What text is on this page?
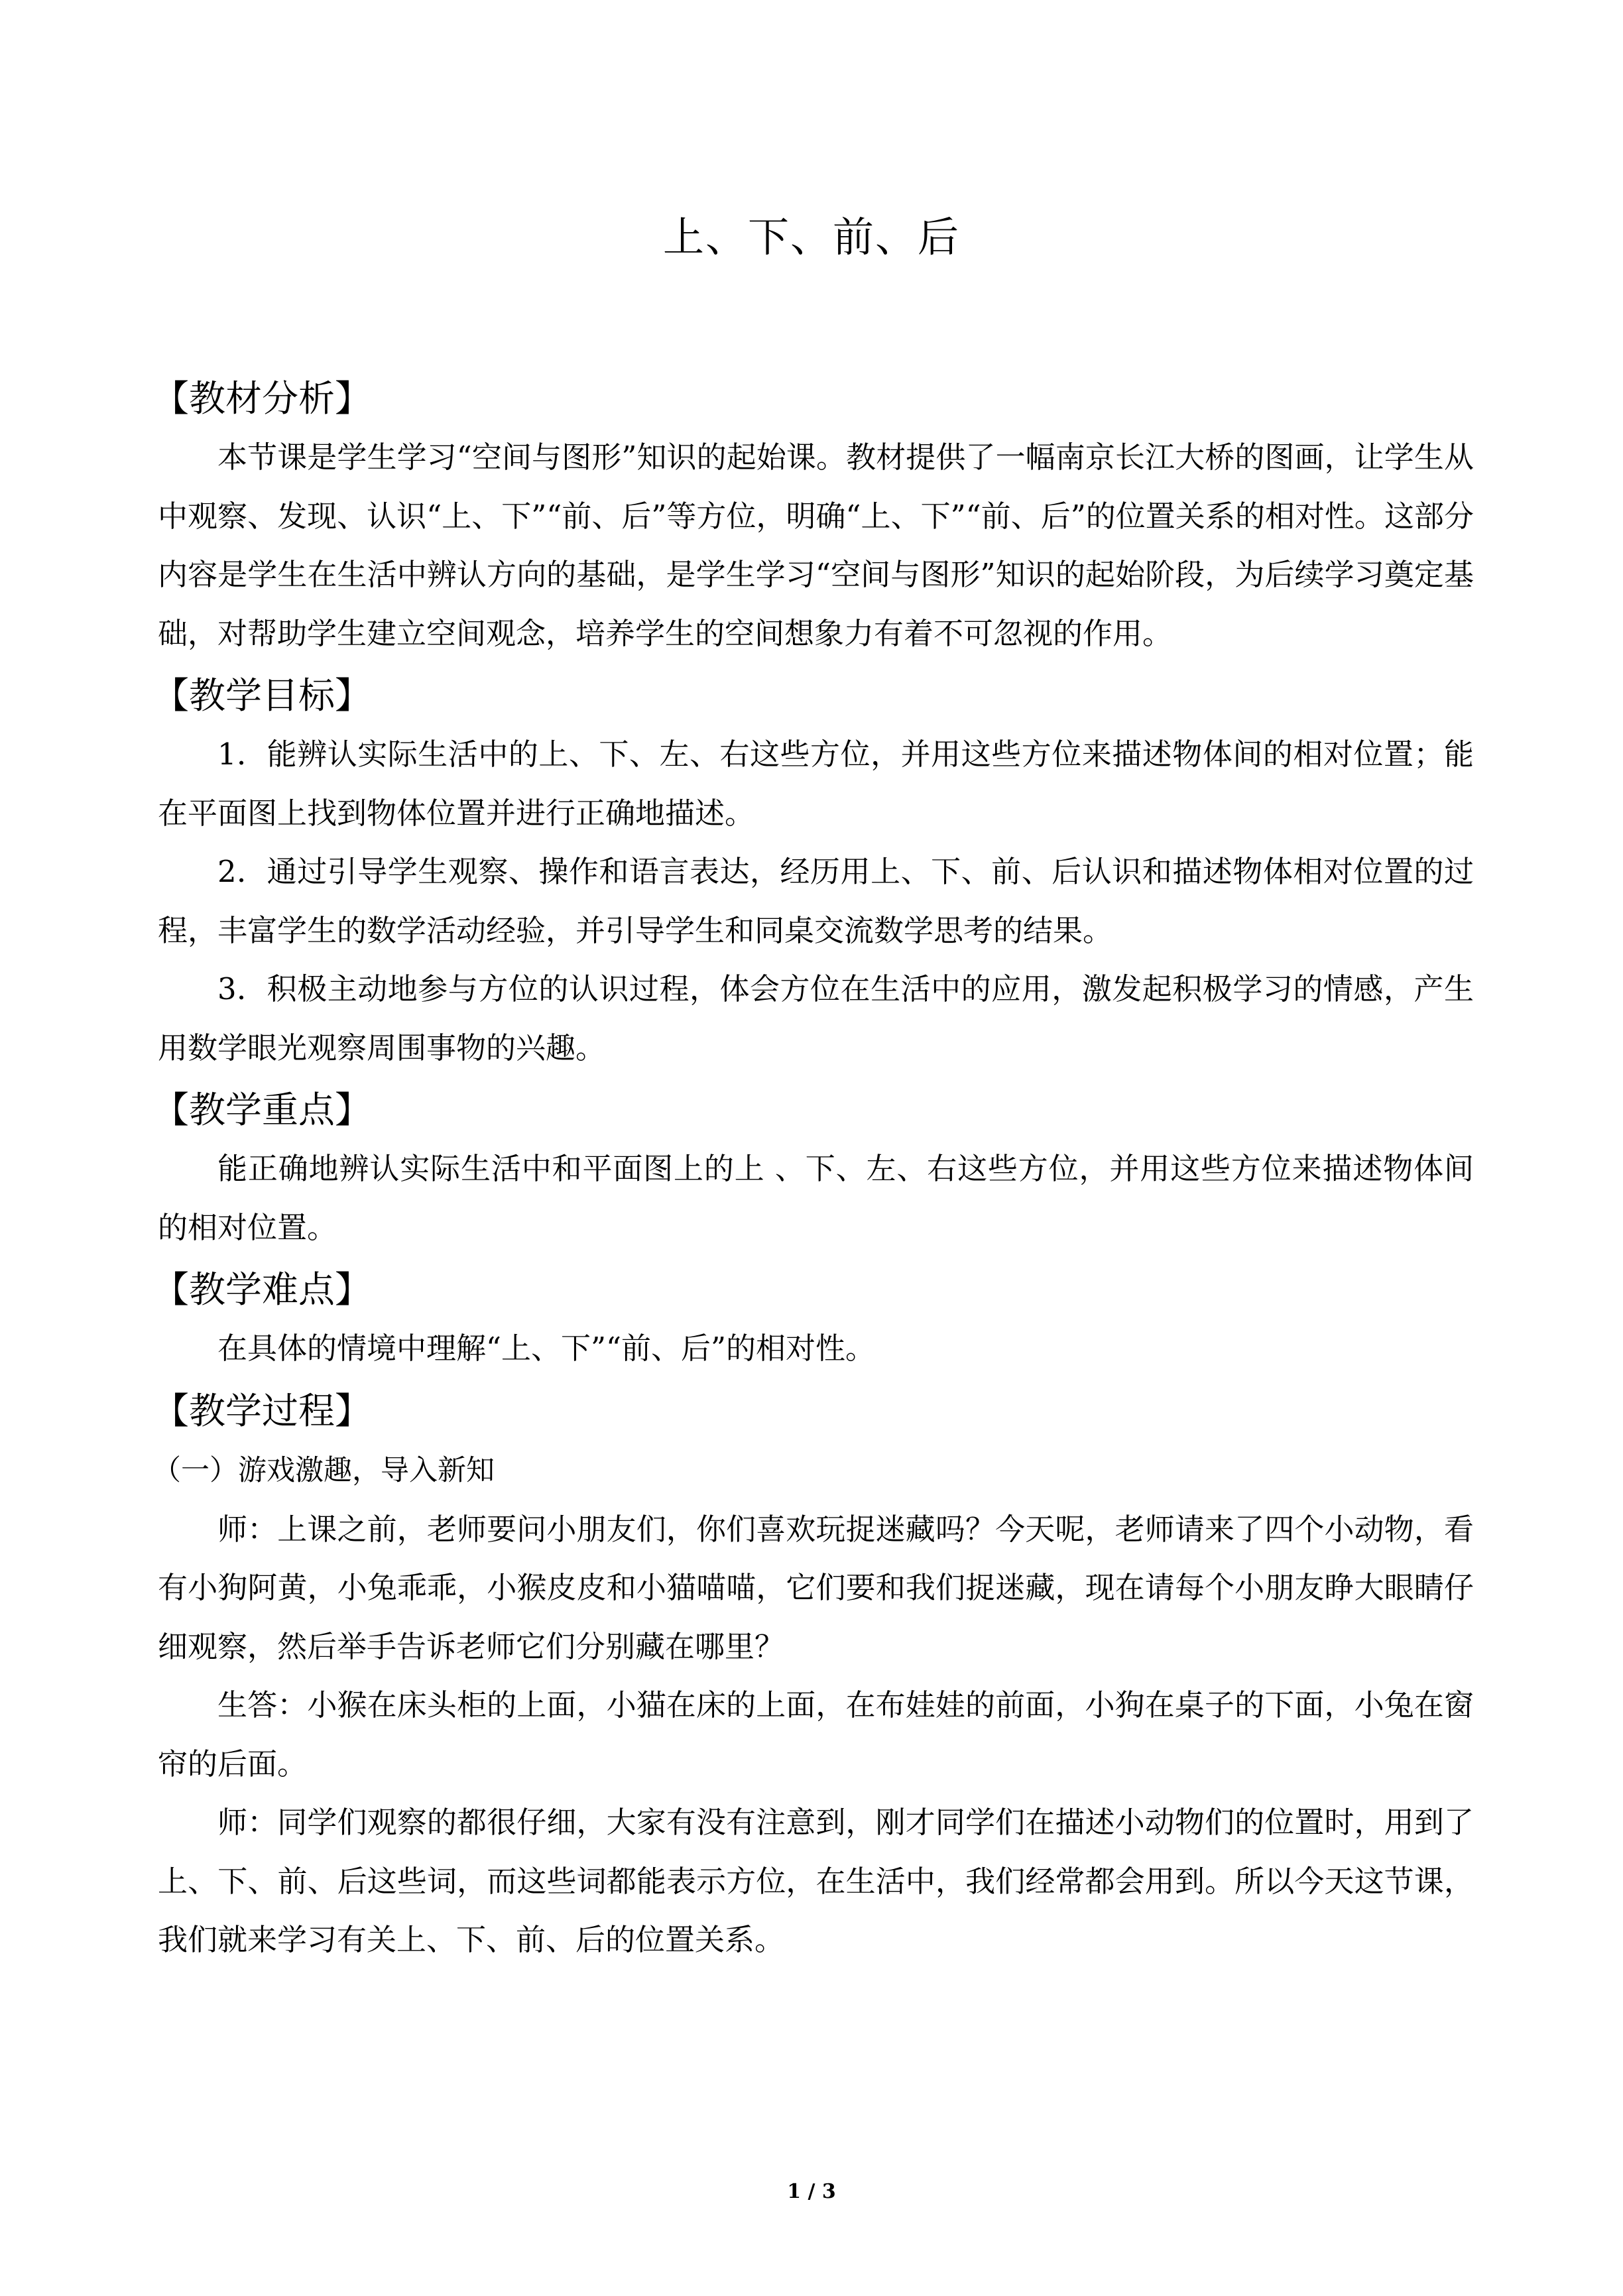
上、下、前、后
【教材分析】

本节课是学生学习“空间与图形”知识的起始课。教材提供了一幅南京长江大桥的图画，让学生从中观察、发现、认识“上、下”“前、后”等方位，明确“上、下”“前、后”的位置关系的相对性。这部分内容是学生在生活中辨认方向的基础，是学生学习“空间与图形”知识的起始阶段，为后续学习奠定基础，对帮助学生建立空间观念，培养学生的空间想象力有着不可忽视的作用。

【教学目标】

1．能辨认实际生活中的上、下、左、右这些方位，并用这些方位来描述物体间的相对位置；能在平面图上找到物体位置并进行正确地描述。

2．通过引导学生观察、操作和语言表达，经历用上、下、前、后认识和描述物体相对位置的过程，丰富学生的数学活动经验，并引导学生和同桌交流数学思考的结果。

3．积极主动地参与方位的认识过程，体会方位在生活中的应用，激发起积极学习的情感，产生用数学眼光观察周围事物的兴趣。

【教学重点】

能正确地辨认实际生活中和平面图上的上 、下、左、右这些方位，并用这些方位来描述物体间的相对位置。

【教学难点】

在具体的情境中理解“上、下”“前、后”的相对性。

【教学过程】
（一）游戏激趣，导入新知

师：上课之前，老师要问小朋友们，你们喜欢玩捉迷藏吗？今天呢，老师请来了四个小动物，看有小狗阿黄，小兔乖乖，小猴皮皮和小猫喵喵，它们要和我们捉迷藏，现在请每个小朋友睁大眼睛仔细观察，然后举手告诉老师它们分别藏在哪里？

生答：小猴在床头柜的上面，小猫在床的上面，在布娃娃的前面，小狗在桌子的下面，小兔在窗帘的后面。

师：同学们观察的都很仔细，大家有没有注意到，刚才同学们在描述小动物们的位置时，用到了上、下、前、后这些词，而这些词都能表示方位，在生活中，我们经常都会用到。所以今天这节课，我们就来学习有关上、下、前、后的位置关系。

1 / 3
